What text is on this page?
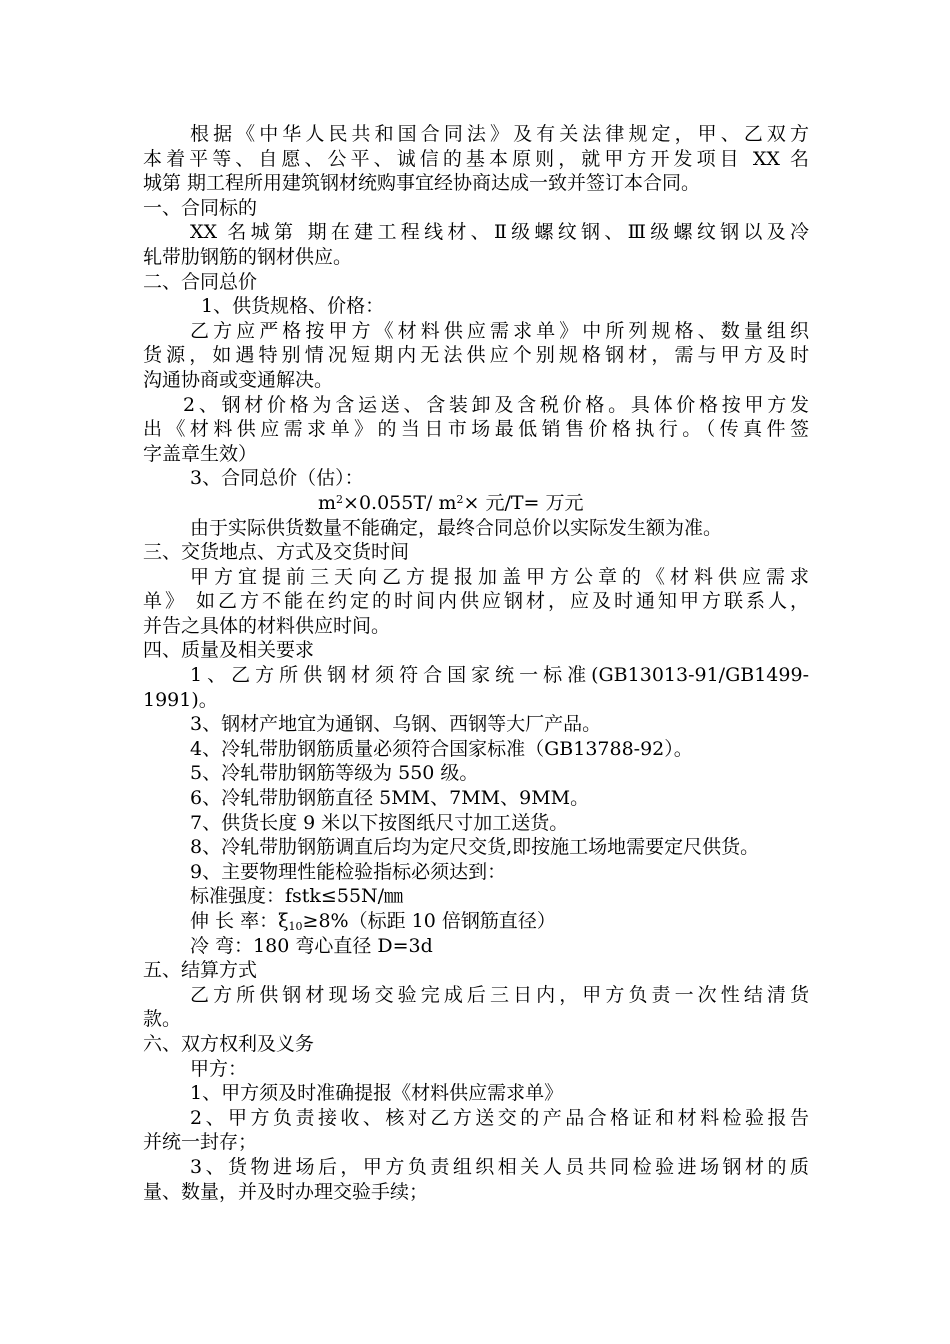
根据《中华人民共和国合同法》及有关法律规定，甲、乙双方
本着平等、自愿、公平、诚信的基本原则，就甲方开发项目 XX 名
城第 期工程所用建筑钢材统购事宜经协商达成一致并签订本合同。
一、合同标的
XX 名城第 期在建工程线材、Ⅱ级螺纹钢、Ⅲ级螺纹钢以及冷
轧带肋钢筋的钢材供应。
二、合同总价
1、供货规格、价格：
乙方应严格按甲方《材料供应需求单》中所列规格、数量组织
货源，如遇特别情况短期内无法供应个别规格钢材，需与甲方及时
沟通协商或变通解决。
2、钢材价格为含运送、含装卸及含税价格。具体价格按甲方发
出《材料供应需求单》的当日市场最低销售价格执行。（传真件签
字盖章生效）
3、合同总价（估）：
$m^2\times 0.055T/$ $m^2\times$ 元/T= 万元
由于实际供货数量不能确定，最终合同总价以实际发生额为准。
三、交货地点、方式及交货时间
甲方宜提前三天向乙方提报加盖甲方公章的《材料供应需求
单》 如乙方不能在约定的时间内供应钢材，应及时通知甲方联系人，
并告之具体的材料供应时间。
四、质量及相关要求
1、乙方所供钢材须符合国家统一标准(GB13013-91/GB1499-
1991)。
3、钢材产地宜为通钢、乌钢、西钢等大厂产品。
4、冷轧带肋钢筋质量必须符合国家标准（GB13788-92）。
5、冷轧带肋钢筋等级为 550 级。
6、冷轧带肋钢筋直径 5MM、7MM、9MM。
7、供货长度 9 米以下按图纸尺寸加工送货。
8、冷轧带肋钢筋调直后均为定尺交货,即按施工场地需要定尺供货。
9、主要物理性能检验指标必须达到：
标准强度：fstk≤55N/㎜
伸 长 率：$\xi_{10}\ge 8\%$（标距 10 倍钢筋直径）
冷 弯：180 弯心直径 D=3d
五、结算方式
乙方所供钢材现场交验完成后三日内，甲方负责一次性结清货
款。
六、双方权利及义务
甲方：
1、甲方须及时准确提报《材料供应需求单》
2、甲方负责接收、核对乙方送交的产品合格证和材料检验报告
并统一封存；
3、货物进场后，甲方负责组织相关人员共同检验进场钢材的质
量、数量，并及时办理交验手续；
